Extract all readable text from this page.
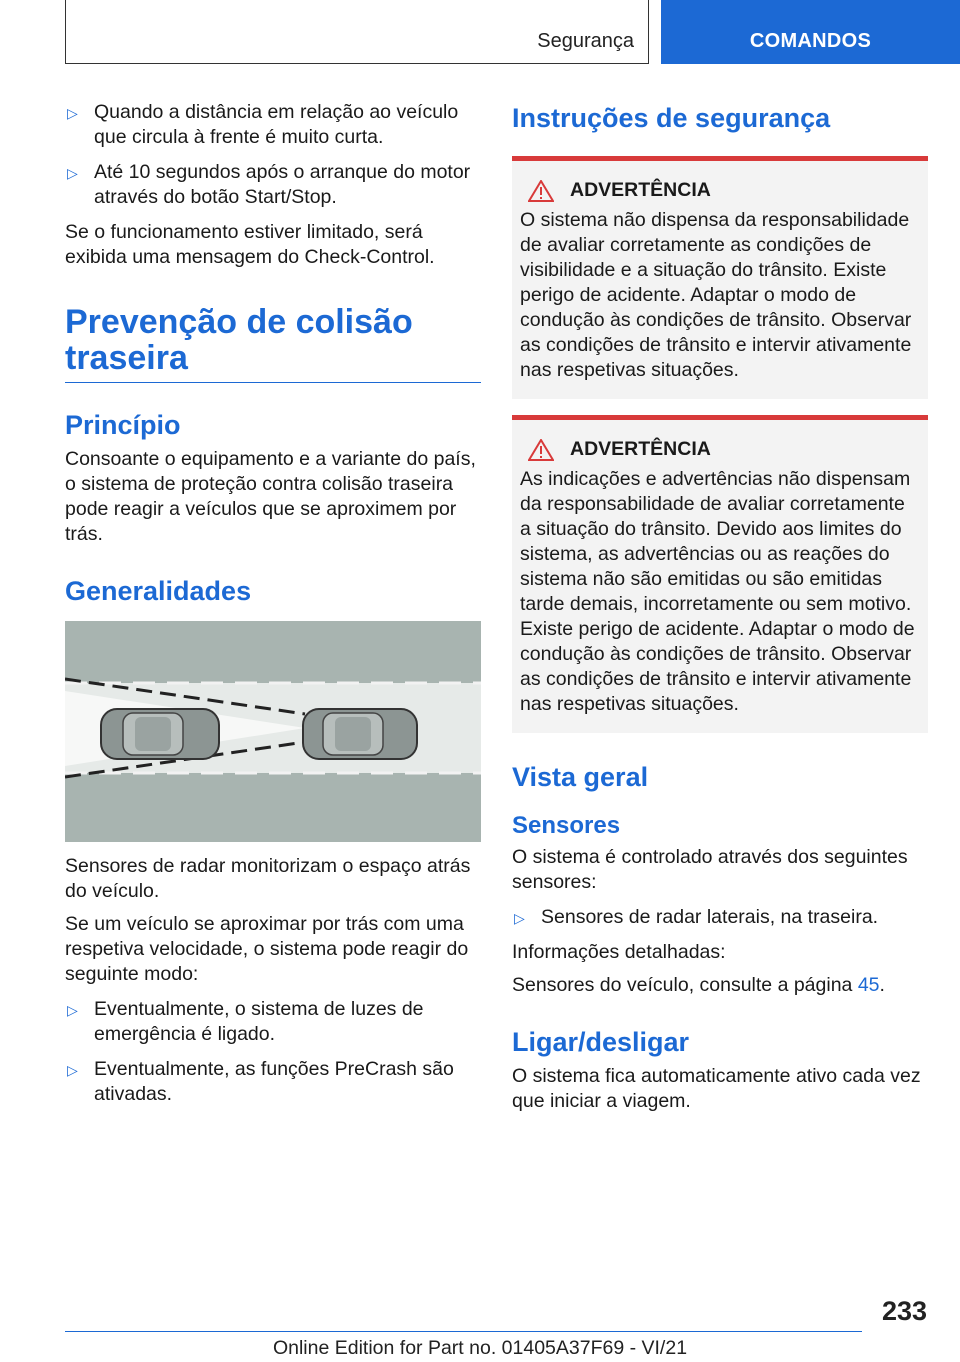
Segurança	COMANDOS
▷ Quando a distância em relação ao veículo que circula à frente é muito curta.
▷ Até 10 segundos após o arranque do motor através do botão Start/Stop.

Se o funcionamento estiver limitado, será exibida uma mensagem do Check-Control.

Prevenção de colisão traseira
Princípio

Consoante o equipamento e a variante do país, o sistema de proteção contra colisão traseira pode reagir a veículos que se aproximem por trás.

Generalidades

Sensores de radar monitorizam o espaço atrás do veículo.

Se um veículo se aproximar por trás com uma respetiva velocidade, o sistema pode reagir do seguinte modo:

▷ Eventualmente, o sistema de luzes de emergência é ligado.
▷ Eventualmente, as funções PreCrash são ativadas.
Instruções de segurança
ADVERTÊNCIA

O sistema não dispensa da responsabilidade de avaliar corretamente as condições de visibilidade e a situação do trânsito. Existe perigo de acidente. Adaptar o modo de condução às condições de trânsito. Observar as condições de trânsito e intervir ativamente nas respetivas situações.

ADVERTÊNCIA

As indicações e advertências não dispensam da responsabilidade de avaliar corretamente a situação do trânsito. Devido aos limites do sistema, as advertências ou as reações do sistema não são emitidas ou são emitidas tarde demais, incorretamente ou sem motivo. Existe perigo de acidente. Adaptar o modo de condução às condições de trânsito. Observar as condições de trânsito e intervir ativamente nas respetivas situações.

Vista geral
Sensores

O sistema é controlado através dos seguintes sensores:

▷ Sensores de radar laterais, na traseira.

Informações detalhadas:

Sensores do veículo, consulte a página 45.

Ligar/desligar

O sistema fica automaticamente ativo cada vez que iniciar a viagem.

233
Online Edition for Part no. 01405A37F69 - VI/21
